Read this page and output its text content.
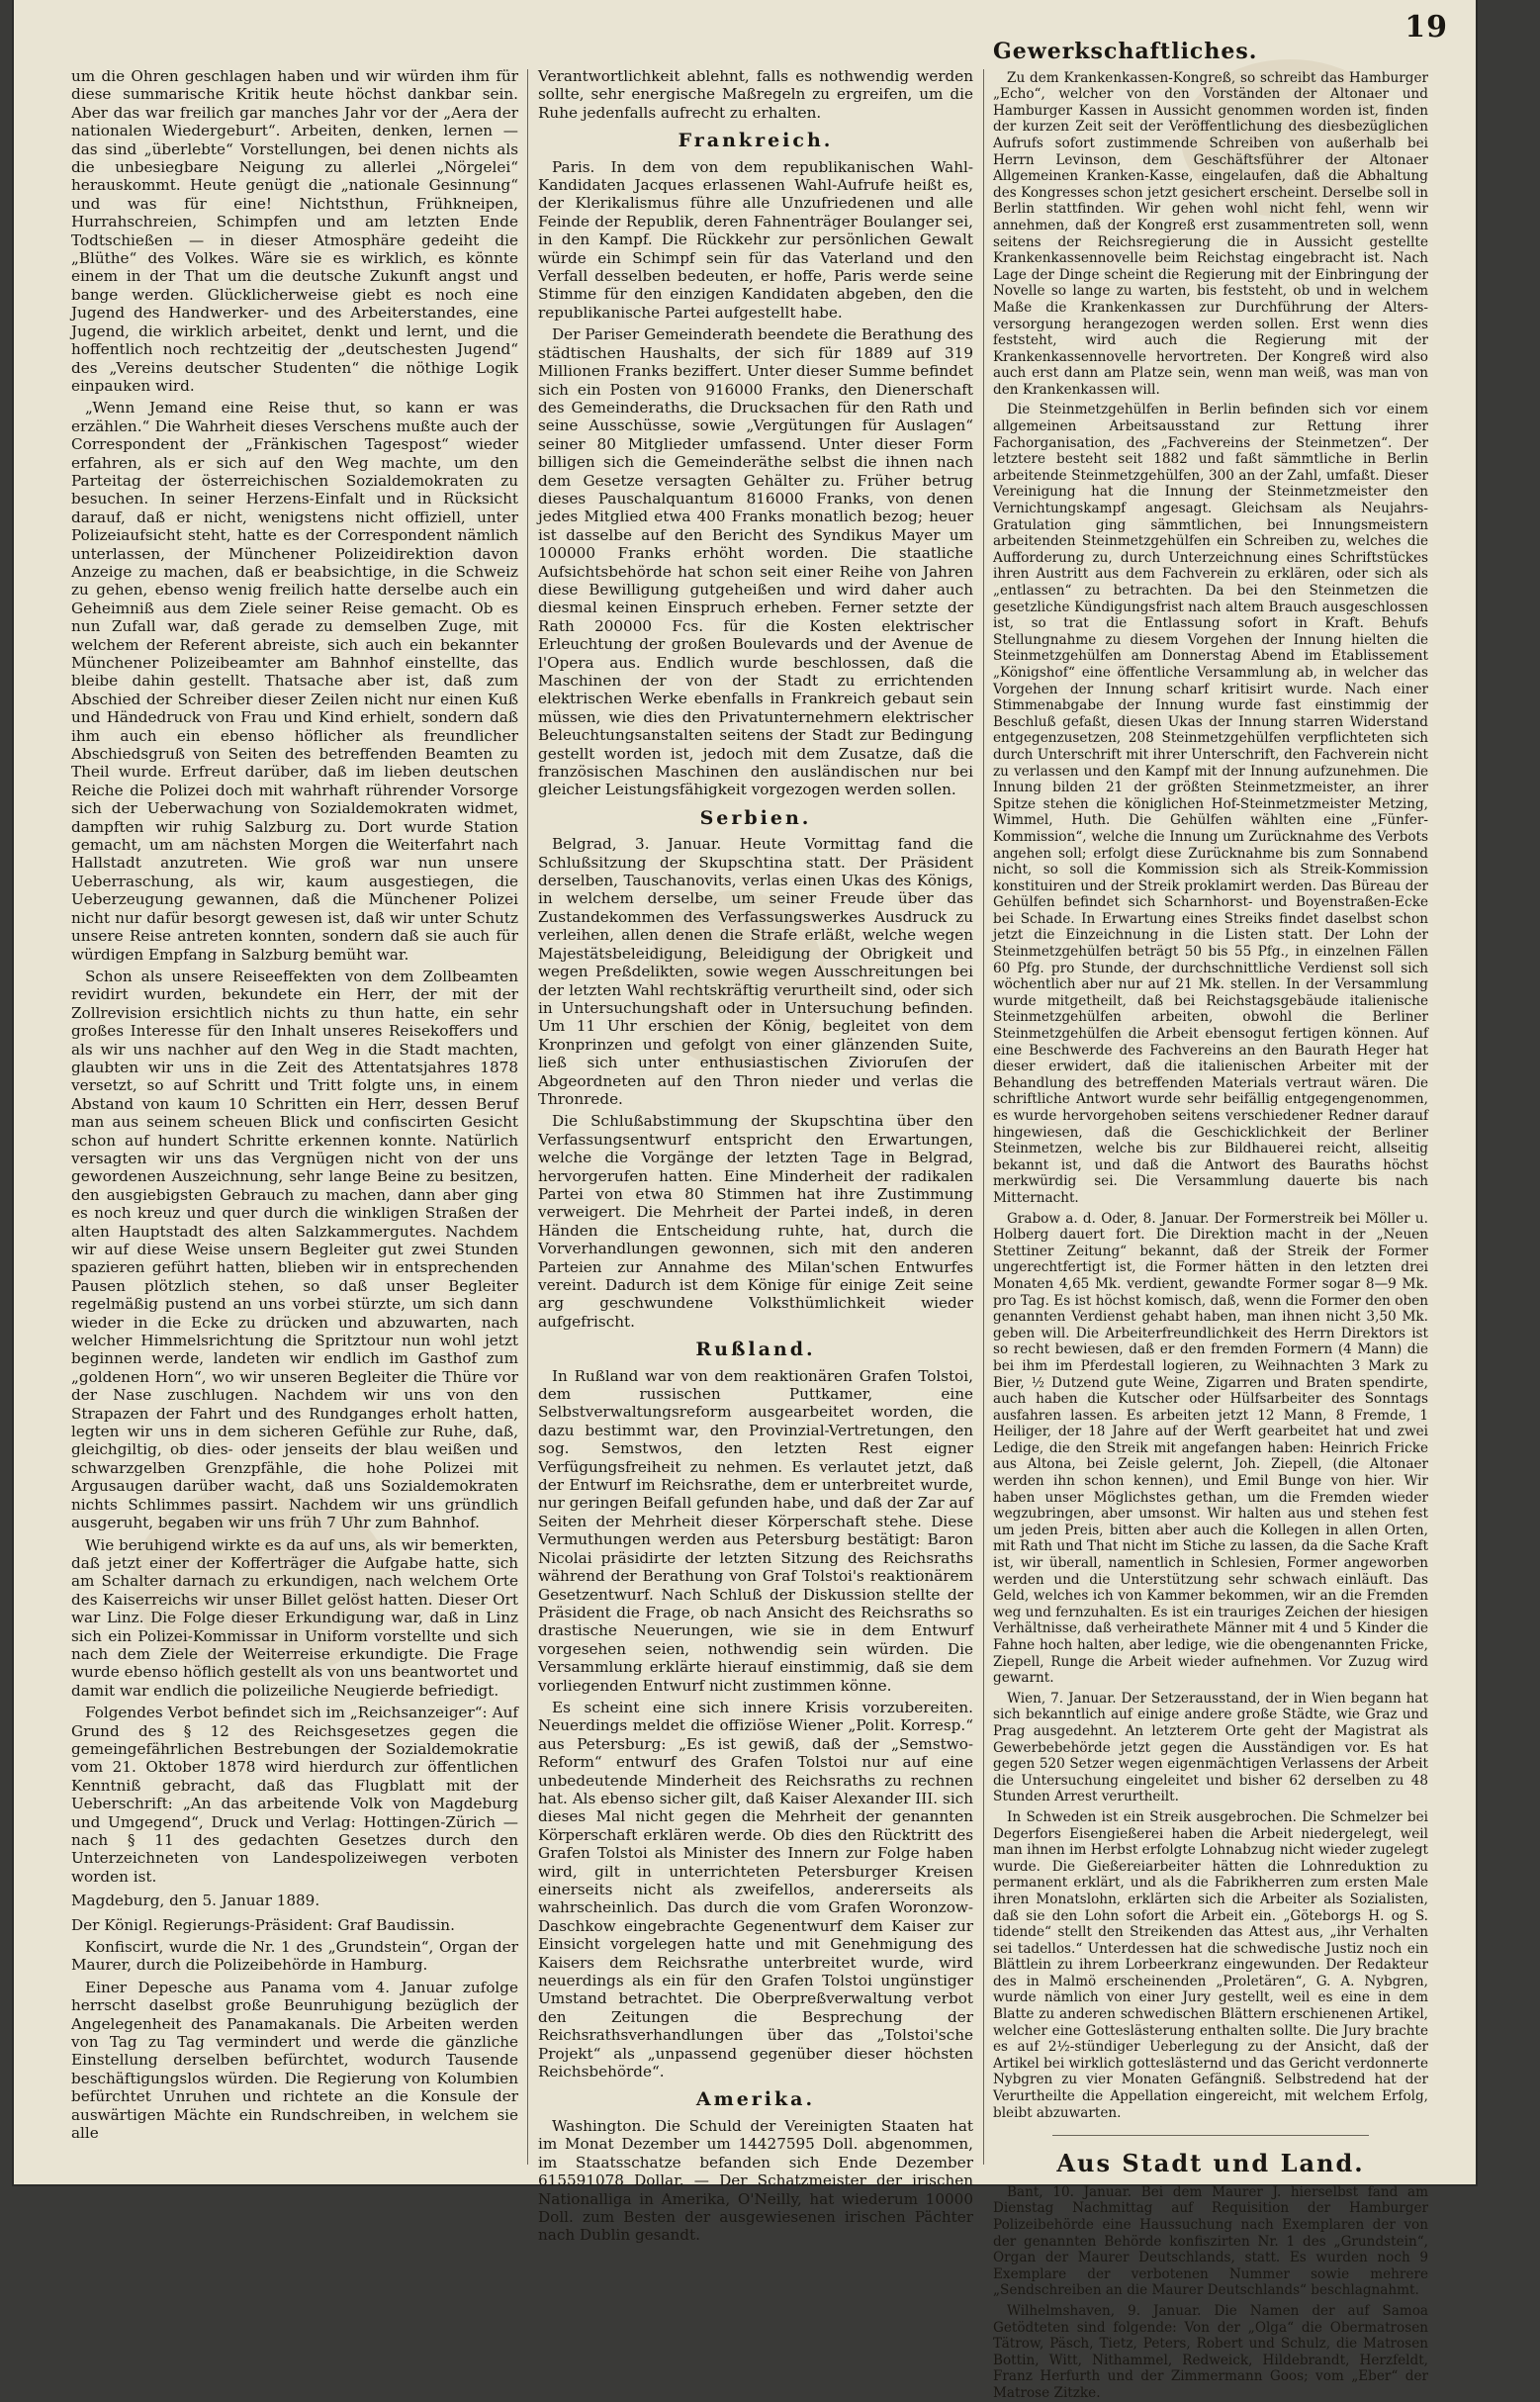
19

um die Ohren geschlagen haben und wir würden ihm für diese summarische Kritik heute höchst dankbar sein. Aber das war freilich gar manches Jahr vor der „Aera der nationalen Wiedergeburt“. Arbeiten, denken, lernen — das sind „überlebte“ Vorstellungen, bei denen nichts als die unbesiegbare Neigung zu allerlei „Nörgelei“ herauskommt. Heute genügt die „nationale Gesinnung“ und was für eine! Nichtsthun, Frühkneipen, Hurrahschreien, Schimpfen und am letzten Ende Todtschießen — in dieser Atmosphäre gedeiht die „Blüthe“ des Volkes. Wäre sie es wirklich, es könnte einem in der That um die deutsche Zukunft angst und bange werden. Glücklicherweise giebt es noch eine Jugend des Handwerker- und des Arbeiterstandes, eine Jugend, die wirklich arbeitet, denkt und lernt, und die hoffentlich noch rechtzeitig der „deutschesten Jugend“ des „Vereins deutscher Studenten“ die nöthige Logik einpauken wird.

„Wenn Jemand eine Reise thut, so kann er was erzählen.“ Die Wahrheit dieses Verschens mußte auch der Correspondent der „Fränkischen Tagespost“ wieder erfahren, als er sich auf den Weg machte, um den Parteitag der österreichischen Sozialdemokraten zu besuchen. In seiner Herzens-Einfalt und in Rücksicht darauf, daß er nicht, wenigstens nicht offiziell, unter Polizeiaufsicht steht, hatte es der Correspondent nämlich unterlassen, der Münchener Polizeidirektion davon Anzeige zu machen, daß er beabsichtige, in die Schweiz zu gehen, ebenso wenig freilich hatte derselbe auch ein Geheimniß aus dem Ziele seiner Reise gemacht. Ob es nun Zufall war, daß gerade zu demselben Zuge, mit welchem der Referent abreiste, sich auch ein bekannter Münchener Polizeibeamter am Bahnhof einstellte, das bleibe dahin gestellt. Thatsache aber ist, daß zum Abschied der Schreiber dieser Zeilen nicht nur einen Kuß und Händedruck von Frau und Kind erhielt, sondern daß ihm auch ein ebenso höflicher als freundlicher Abschiedsgruß von Seiten des betreffenden Beamten zu Theil wurde. Erfreut darüber, daß im lieben deutschen Reiche die Polizei doch mit wahrhaft rührender Vorsorge sich der Ueberwachung von Sozialdemokraten widmet, dampften wir ruhig Salzburg zu. Dort wurde Station gemacht, um am nächsten Morgen die Weiterfahrt nach Hallstadt anzutreten. Wie groß war nun unsere Ueberraschung, als wir, kaum ausgestiegen, die Ueberzeugung gewannen, daß die Münchener Polizei nicht nur dafür besorgt gewesen ist, daß wir unter Schutz unsere Reise antreten konnten, sondern daß sie auch für würdigen Empfang in Salzburg bemüht war.

Schon als unsere Reiseeffekten von dem Zollbeamten revidirt wurden, bekundete ein Herr, der mit der Zollrevision ersichtlich nichts zu thun hatte, ein sehr großes Interesse für den Inhalt unseres Reisekoffers und als wir uns nachher auf den Weg in die Stadt machten, glaubten wir uns in die Zeit des Attentatsjahres 1878 versetzt, so auf Schritt und Tritt folgte uns, in einem Abstand von kaum 10 Schritten ein Herr, dessen Beruf man aus seinem scheuen Blick und confiscirten Gesicht schon auf hundert Schritte erkennen konnte. Natürlich versagten wir uns das Vergnügen nicht von der uns gewordenen Auszeichnung, sehr lange Beine zu besitzen, den ausgiebigsten Gebrauch zu machen, dann aber ging es noch kreuz und quer durch die winkligen Straßen der alten Hauptstadt des alten Salzkammergutes. Nachdem wir auf diese Weise unsern Begleiter gut zwei Stunden spazieren geführt hatten, blieben wir in entsprechenden Pausen plötzlich stehen, so daß unser Begleiter regelmäßig pustend an uns vorbei stürzte, um sich dann wieder in die Ecke zu drücken und abzuwarten, nach welcher Himmelsrichtung die Spritztour nun wohl jetzt beginnen werde, landeten wir endlich im Gasthof zum „goldenen Horn“, wo wir unseren Begleiter die Thüre vor der Nase zuschlugen. Nachdem wir uns von den Strapazen der Fahrt und des Rundganges erholt hatten, legten wir uns in dem sicheren Gefühle zur Ruhe, daß, gleichgiltig, ob dies- oder jenseits der blau weißen und schwarzgelben Grenzpfähle, die hohe Polizei mit Argusaugen darüber wacht, daß uns Sozialdemokraten nichts Schlimmes passirt. Nachdem wir uns gründlich ausgeruht, begaben wir uns früh 7 Uhr zum Bahnhof.

Wie beruhigend wirkte es da auf uns, als wir bemerkten, daß jetzt einer der Kofferträger die Aufgabe hatte, sich am Schalter darnach zu erkundigen, nach welchem Orte des Kaiserreichs wir unser Billet gelöst hatten. Dieser Ort war Linz. Die Folge dieser Erkundigung war, daß in Linz sich ein Polizei-Kommissar in Uniform vorstellte und sich nach dem Ziele der Weiterreise erkundigte. Die Frage wurde ebenso höflich gestellt als von uns beantwortet und damit war endlich die polizeiliche Neugierde befriedigt.

Folgendes Verbot befindet sich im „Reichsanzeiger“: Auf Grund des § 12 des Reichsgesetzes gegen die gemeingefährlichen Bestrebungen der Sozialdemokratie vom 21. Oktober 1878 wird hierdurch zur öffentlichen Kenntniß gebracht, daß das Flugblatt mit der Ueberschrift: „An das arbeitende Volk von Magdeburg und Umgegend“, Druck und Verlag: Hottingen-Zürich — nach § 11 des gedachten Gesetzes durch den Unterzeichneten von Landespolizeiwegen verboten worden ist.

Magdeburg, den 5. Januar 1889.

Der Königl. Regierungs-Präsident: Graf Baudissin.

Konfiscirt, wurde die Nr. 1 des „Grundstein“, Organ der Maurer, durch die Polizeibehörde in Hamburg.

Einer Depesche aus Panama vom 4. Januar zufolge herrscht daselbst große Beunruhigung bezüglich der Angelegenheit des Panamakanals. Die Arbeiten werden von Tag zu Tag vermindert und werde die gänzliche Einstellung derselben befürchtet, wodurch Tausende beschäftigungslos würden. Die Regierung von Kolumbien befürchtet Unruhen und richtete an die Konsule der auswärtigen Mächte ein Rundschreiben, in welchem sie alle

Verantwortlichkeit ablehnt, falls es nothwendig werden sollte, sehr energische Maßregeln zu ergreifen, um die Ruhe jedenfalls aufrecht zu erhalten.

Frankreich.

Paris. In dem von dem republikanischen Wahl-Kandidaten Jacques erlassenen Wahl-Aufrufe heißt es, der Klerikalismus führe alle Unzufriedenen und alle Feinde der Republik, deren Fahnenträger Boulanger sei, in den Kampf. Die Rückkehr zur persönlichen Gewalt würde ein Schimpf sein für das Vaterland und den Verfall desselben bedeuten, er hoffe, Paris werde seine Stimme für den einzigen Kandidaten abgeben, den die republikanische Partei aufgestellt habe.

Der Pariser Gemeinderath beendete die Berathung des städtischen Haushalts, der sich für 1889 auf 319 Millionen Franks beziffert. Unter dieser Summe befindet sich ein Posten von 916000 Franks, den Dienerschaft des Gemeinderaths, die Drucksachen für den Rath und seine Ausschüsse, sowie „Vergütungen für Auslagen“ seiner 80 Mitglieder umfassend. Unter dieser Form billigen sich die Gemeinderäthe selbst die ihnen nach dem Gesetze versagten Gehälter zu. Früher betrug dieses Pauschalquantum 816000 Franks, von denen jedes Mitglied etwa 400 Franks monatlich bezog; heuer ist dasselbe auf den Bericht des Syndikus Mayer um 100000 Franks erhöht worden. Die staatliche Aufsichtsbehörde hat schon seit einer Reihe von Jahren diese Bewilligung gutgeheißen und wird daher auch diesmal keinen Einspruch erheben. Ferner setzte der Rath 200000 Fcs. für die Kosten elektrischer Erleuchtung der großen Boulevards und der Avenue de l'Opera aus. Endlich wurde beschlossen, daß die Maschinen der von der Stadt zu errichtenden elektrischen Werke ebenfalls in Frankreich gebaut sein müssen, wie dies den Privatunternehmern elektrischer Beleuchtungsanstalten seitens der Stadt zur Bedingung gestellt worden ist, jedoch mit dem Zusatze, daß die französischen Maschinen den ausländischen nur bei gleicher Leistungsfähigkeit vorgezogen werden sollen.

Serbien.

Belgrad, 3. Januar. Heute Vormittag fand die Schlußsitzung der Skupschtina statt. Der Präsident derselben, Tauschanovits, verlas einen Ukas des Königs, in welchem derselbe, um seiner Freude über das Zustandekommen des Verfassungswerkes Ausdruck zu verleihen, allen denen die Strafe erläßt, welche wegen Majestätsbeleidigung, Beleidigung der Obrigkeit und wegen Preßdelikten, sowie wegen Ausschreitungen bei der letzten Wahl rechtskräftig verurtheilt sind, oder sich in Untersuchungshaft oder in Untersuchung befinden. Um 11 Uhr erschien der König, begleitet von dem Kronprinzen und gefolgt von einer glänzenden Suite, ließ sich unter enthusiastischen Zivioruſen der Abgeordneten auf den Thron nieder und verlas die Thronrede.

Die Schlußabstimmung der Skupschtina über den Verfassungsentwurf entspricht den Erwartungen, welche die Vorgänge der letzten Tage in Belgrad, hervorgerufen hatten. Eine Minderheit der radikalen Partei von etwa 80 Stimmen hat ihre Zustimmung verweigert. Die Mehrheit der Partei indeß, in deren Händen die Entscheidung ruhte, hat, durch die Vorverhandlungen gewonnen, sich mit den anderen Parteien zur Annahme des Milan'schen Entwurfes vereint. Dadurch ist dem Könige für einige Zeit seine arg geschwundene Volksthümlichkeit wieder aufgefrischt.

Rußland.

In Rußland war von dem reaktionären Grafen Tolstoi, dem russischen Puttkamer, eine Selbstverwaltungsreform ausgearbeitet worden, die dazu bestimmt war, den Provinzial-Vertretungen, den sog. Semstwos, den letzten Rest eigner Verfügungsfreiheit zu nehmen. Es verlautet jetzt, daß der Entwurf im Reichsrathe, dem er unterbreitet wurde, nur geringen Beifall gefunden habe, und daß der Zar auf Seiten der Mehrheit dieser Körperschaft stehe. Diese Vermuthungen werden aus Petersburg bestätigt: Baron Nicolai präsidirte der letzten Sitzung des Reichsraths während der Berathung von Graf Tolstoi's reaktionärem Gesetzentwurf. Nach Schluß der Diskussion stellte der Präsident die Frage, ob nach Ansicht des Reichsraths so drastische Neuerungen, wie sie in dem Entwurf vorgesehen seien, nothwendig sein würden. Die Versammlung erklärte hierauf einstimmig, daß sie dem vorliegenden Entwurf nicht zustimmen könne.

Es scheint eine sich innere Krisis vorzubereiten. Neuerdings meldet die offiziöse Wiener „Polit. Korresp.“ aus Petersburg: „Es ist gewiß, daß der „Semstwo-Reform“ entwurf des Grafen Tolstoi nur auf eine unbedeutende Minderheit des Reichsraths zu rechnen hat. Als ebenso sicher gilt, daß Kaiser Alexander III. sich dieses Mal nicht gegen die Mehrheit der genannten Körperschaft erklären werde. Ob dies den Rücktritt des Grafen Tolstoi als Minister des Innern zur Folge haben wird, gilt in unterrichteten Petersburger Kreisen einerseits nicht als zweifellos, andererseits als wahrscheinlich. Das durch die vom Grafen Woronzow-Daschkow eingebrachte Gegenentwurf dem Kaiser zur Einsicht vorgelegen hatte und mit Genehmigung des Kaisers dem Reichsrathe unterbreitet wurde, wird neuerdings als ein für den Grafen Tolstoi ungünstiger Umstand betrachtet. Die Oberpreßverwaltung verbot den Zeitungen die Besprechung der Reichsrathsverhandlungen über das „Tolstoi'sche Projekt“ als „unpassend gegenüber dieser höchsten Reichsbehörde“.

Amerika.

Washington. Die Schuld der Vereinigten Staaten hat im Monat Dezember um 14427595 Doll. abgenommen, im Staatsschatze befanden sich Ende Dezember 615591078 Dollar. — Der Schatzmeister der irischen Nationalliga in Amerika, O'Neilly, hat wiederum 10000 Doll. zum Besten der ausgewiesenen irischen Pächter nach Dublin gesandt.

Gewerkschaftliches.

Zu dem Krankenkassen-Kongreß, so schreibt das Hamburger „Echo“, welcher von den Vorständen der Altonaer und Hamburger Kassen in Aussicht genommen worden ist, finden der kurzen Zeit seit der Veröffentlichung des diesbezüglichen Aufrufs sofort zustimmende Schreiben von außerhalb bei Herrn Levinson, dem Geschäftsführer der Altonaer Allgemeinen Kranken-Kasse, eingelaufen, daß die Abhaltung des Kongresses schon jetzt gesichert erscheint. Derselbe soll in Berlin stattfinden. Wir gehen wohl nicht fehl, wenn wir annehmen, daß der Kongreß erst zusammentreten soll, wenn seitens der Reichsregierung die in Aussicht gestellte Krankenkassennovelle beim Reichstag eingebracht ist. Nach Lage der Dinge scheint die Regierung mit der Einbringung der Novelle so lange zu warten, bis feststeht, ob und in welchem Maße die Krankenkassen zur Durchführung der Alters- versorgung herangezogen werden sollen. Erst wenn dies feststeht, wird auch die Regierung mit der Krankenkassennovelle hervortreten. Der Kongreß wird also auch erst dann am Platze sein, wenn man weiß, was man von den Krankenkassen will.

Die Steinmetzgehülfen in Berlin befinden sich vor einem allgemeinen Arbeitsausstand zur Rettung ihrer Fachorganisation, des „Fachvereins der Steinmetzen“. Der letztere besteht seit 1882 und faßt sämmtliche in Berlin arbeitende Steinmetzgehülfen, 300 an der Zahl, umfaßt. Dieser Vereinigung hat die Innung der Steinmetzmeister den Vernichtungskampf angesagt. Gleichsam als Neujahrs-Gratulation ging sämmtlichen, bei Innungsmeistern arbeitenden Steinmetzgehülfen ein Schreiben zu, welches die Aufforderung zu, durch Unterzeichnung eines Schriftstückes ihren Austritt aus dem Fachverein zu erklären, oder sich als „entlassen“ zu betrachten. Da bei den Steinmetzen die gesetzliche Kündigungsfrist nach altem Brauch ausgeschlossen ist, so trat die Entlassung sofort in Kraft. Behufs Stellungnahme zu diesem Vorgehen der Innung hielten die Steinmetzgehülfen am Donnerstag Abend im Etablissement „Königshof“ eine öffentliche Versammlung ab, in welcher das Vorgehen der Innung scharf kritisirt wurde. Nach einer Stimmenabgabe der Innung wurde fast einstimmig der Beschluß gefaßt, diesen Ukas der Innung starren Widerstand entgegenzusetzen, 208 Steinmetzgehülfen verpflichteten sich durch Unterschrift mit ihrer Unterschrift, den Fachverein nicht zu verlassen und den Kampf mit der Innung aufzunehmen. Die Innung bilden 21 der größten Steinmetzmeister, an ihrer Spitze stehen die königlichen Hof-Steinmetzmeister Metzing, Wimmel, Huth. Die Gehülfen wählten eine „Fünfer-Kommission“, welche die Innung um Zurücknahme des Verbots angehen soll; erfolgt diese Zurücknahme bis zum Sonnabend nicht, so soll die Kommission sich als Streik-Kommission konstituiren und der Streik proklamirt werden. Das Büreau der Gehülfen befindet sich Scharnhorst- und Boyenstraßen-Ecke bei Schade. In Erwartung eines Streiks findet daselbst schon jetzt die Einzeichnung in die Listen statt. Der Lohn der Steinmetzgehülfen beträgt 50 bis 55 Pfg., in einzelnen Fällen 60 Pfg. pro Stunde, der durchschnittliche Verdienst soll sich wöchentlich aber nur auf 21 Mk. stellen. In der Versammlung wurde mitgetheilt, daß bei Reichstagsgebäude italienische Steinmetzgehülfen arbeiten, obwohl die Berliner Steinmetzgehülfen die Arbeit ebensogut fertigen können. Auf eine Beschwerde des Fachvereins an den Baurath Heger hat dieser erwidert, daß die italienischen Arbeiter mit der Behandlung des betreffenden Materials vertraut wären. Die schriftliche Antwort wurde sehr beifällig entgegengenommen, es wurde hervorgehoben seitens verschiedener Redner darauf hingewiesen, daß die Geschicklichkeit der Berliner Steinmetzen, welche bis zur Bildhauerei reicht, allseitig bekannt ist, und daß die Antwort des Bauraths höchst merkwürdig sei. Die Versammlung dauerte bis nach Mitternacht.

Grabow a. d. Oder, 8. Januar. Der Formerstreik bei Möller u. Holberg dauert fort. Die Direktion macht in der „Neuen Stettiner Zeitung“ bekannt, daß der Streik der Former ungerechtfertigt ist, die Former hätten in den letzten drei Monaten 4,65 Mk. verdient, gewandte Former sogar 8—9 Mk. pro Tag. Es ist höchst komisch, daß, wenn die Former den oben genannten Verdienst gehabt haben, man ihnen nicht 3,50 Mk. geben will. Die Arbeiterfreundlichkeit des Herrn Direktors ist so recht bewiesen, daß er den fremden Formern (4 Mann) die bei ihm im Pferdestall logieren, zu Weihnachten 3 Mark zu Bier, ½ Dutzend gute Weine, Zigarren und Braten spendirte, auch haben die Kutscher oder Hülfsarbeiter des Sonntags ausfahren lassen. Es arbeiten jetzt 12 Mann, 8 Fremde, 1 Heiliger, der 18 Jahre auf der Werft gearbeitet hat und zwei Ledige, die den Streik mit angefangen haben: Heinrich Fricke aus Altona, bei Zeisle gelernt, Joh. Ziepell, (die Altonaer werden ihn schon kennen), und Emil Bunge von hier. Wir haben unser Möglichstes gethan, um die Fremden wieder wegzubringen, aber umsonst. Wir halten aus und stehen fest um jeden Preis, bitten aber auch die Kollegen in allen Orten, mit Rath und That nicht im Stiche zu lassen, da die Sache Kraft ist, wir überall, namentlich in Schlesien, Former angeworben werden und die Unterstützung sehr schwach einläuft. Das Geld, welches ich von Kammer bekommen, wir an die Fremden weg und fernzuhalten. Es ist ein trauriges Zeichen der hiesigen Verhältnisse, daß verheirathete Männer mit 4 und 5 Kinder die Fahne hoch halten, aber ledige, wie die obengenannten Fricke, Ziepell, Runge die Arbeit wieder aufnehmen. Vor Zuzug wird gewarnt.

Wien, 7. Januar. Der Setzerausstand, der in Wien begann hat sich bekanntlich auf einige andere große Städte, wie Graz und Prag ausgedehnt. An letzterem Orte geht der Magistrat als Gewerbebehörde jetzt gegen die Ausständigen vor. Es hat gegen 520 Setzer wegen eigenmächtigen Verlassens der Arbeit die Untersuchung eingeleitet und bisher 62 derselben zu 48 Stunden Arrest verurtheilt.

In Schweden ist ein Streik ausgebrochen. Die Schmelzer bei Degerfors Eisengießerei haben die Arbeit niedergelegt, weil man ihnen im Herbst erfolgte Lohnabzug nicht wieder zugelegt wurde. Die Gießereiarbeiter hätten die Lohnreduktion zu permanent erklärt, und als die Fabrikherren zum ersten Male ihren Monatslohn, erklärten sich die Arbeiter als Sozialisten, daß sie den Lohn sofort die Arbeit ein. „Göteborgs H. og S. tidende“ stellt den Streikenden das Attest aus, „ihr Verhalten sei tadellos.“ Unterdessen hat die schwedische Justiz noch ein Blättlein zu ihrem Lorbeerkranz eingewunden. Der Redakteur des in Malmö erscheinenden „Proletären“, G. A. Nybgren, wurde nämlich von einer Jury gestellt, weil es eine in dem Blatte zu anderen schwedischen Blättern erschienenen Artikel, welcher eine Gotteslästerung enthalten sollte. Die Jury brachte es auf 2½-stündiger Ueberlegung zu der Ansicht, daß der Artikel bei wirklich gotteslästernd und das Gericht verdonnerte Nybgren zu vier Monaten Gefängniß. Selbstredend hat der Verurtheilte die Appellation eingereicht, mit welchem Erfolg, bleibt abzuwarten.

Aus Stadt und Land.

Bant, 10. Januar. Bei dem Maurer J. hierselbst fand am Dienstag Nachmittag auf Requisition der Hamburger Polizeibehörde eine Haussuchung nach Exemplaren der von der genannten Behörde konfiszirten Nr. 1 des „Grundstein“, Organ der Maurer Deutschlands, statt. Es wurden noch 9 Exemplare der verbotenen Nummer sowie mehrere „Sendschreiben an die Maurer Deutschlands“ beschlagnahmt.

Wilhelmshaven, 9. Januar. Die Namen der auf Samoa Getödteten sind folgende: Von der „Olga“ die Obermatrosen Tätrow, Päsch, Tietz, Peters, Robert und Schulz, die Matrosen Bottin, Witt, Nithammel, Redweick, Hildebrandt, Herzfeldt, Franz Herfurth und der Zimmermann Goos; vom „Eber“ der Matrose Zitzke.
